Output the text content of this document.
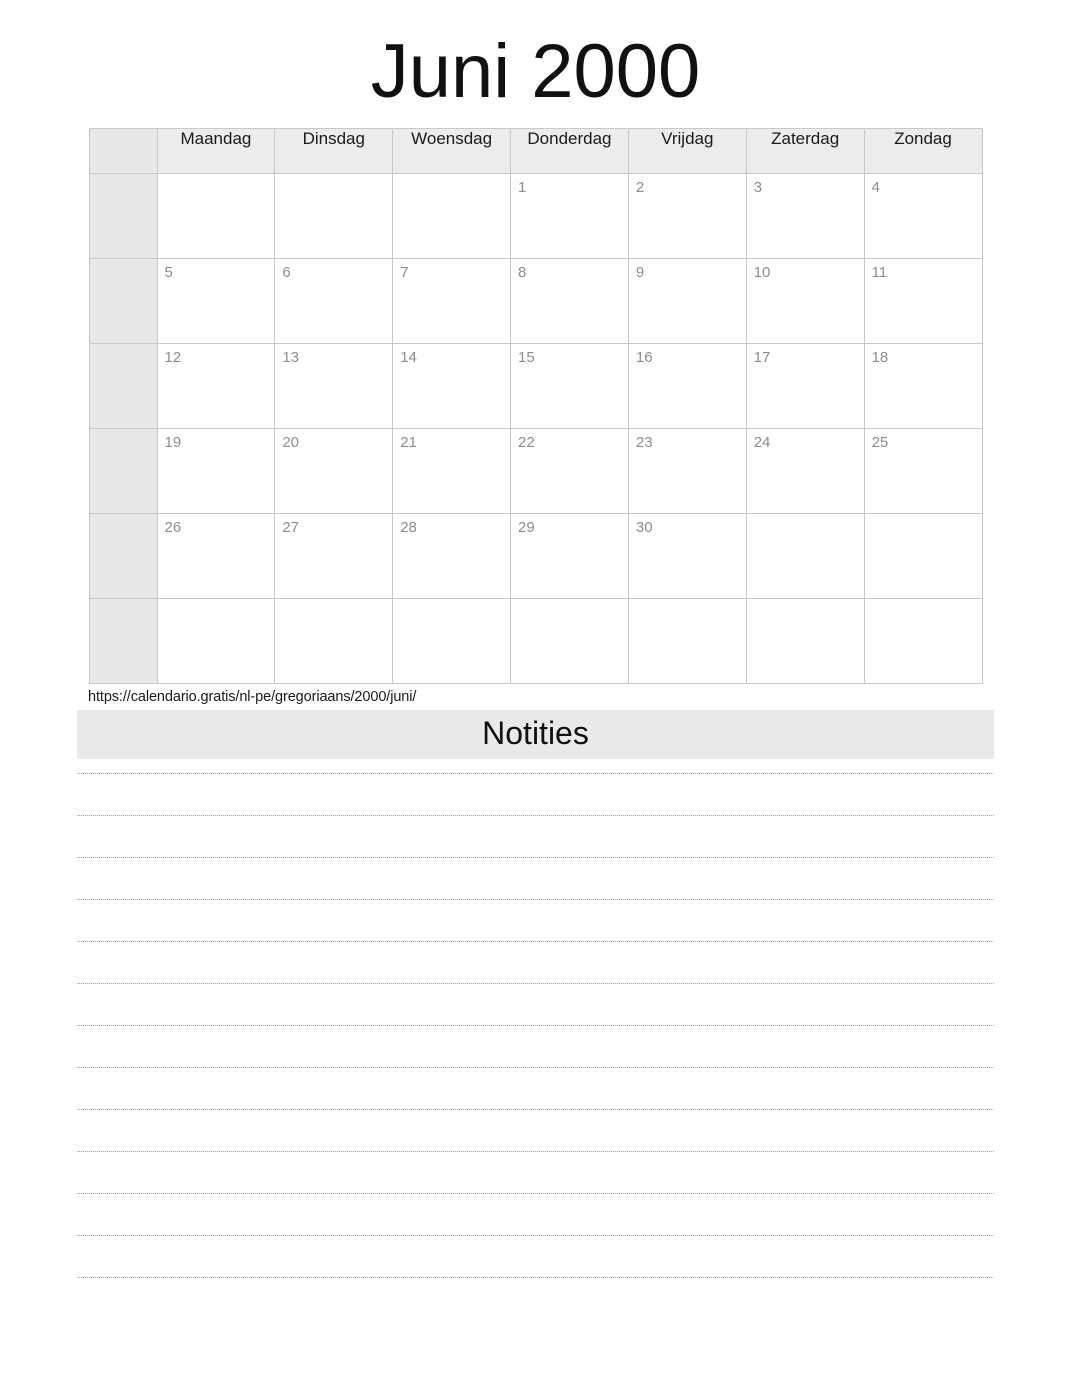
Juni 2000
	Maandag	Dinsdag	Woensdag	Donderdag	Vrijdag	Zaterdag	Zondag

				1	2	3	4

	5	6	7	8	9	10	11

	12	13	14	15	16	17	18

	19	20	21	22	23	24	25

	26	27	28	29	30		

https://calendario.gratis/nl-pe/gregoriaans/2000/juni/
Notities
